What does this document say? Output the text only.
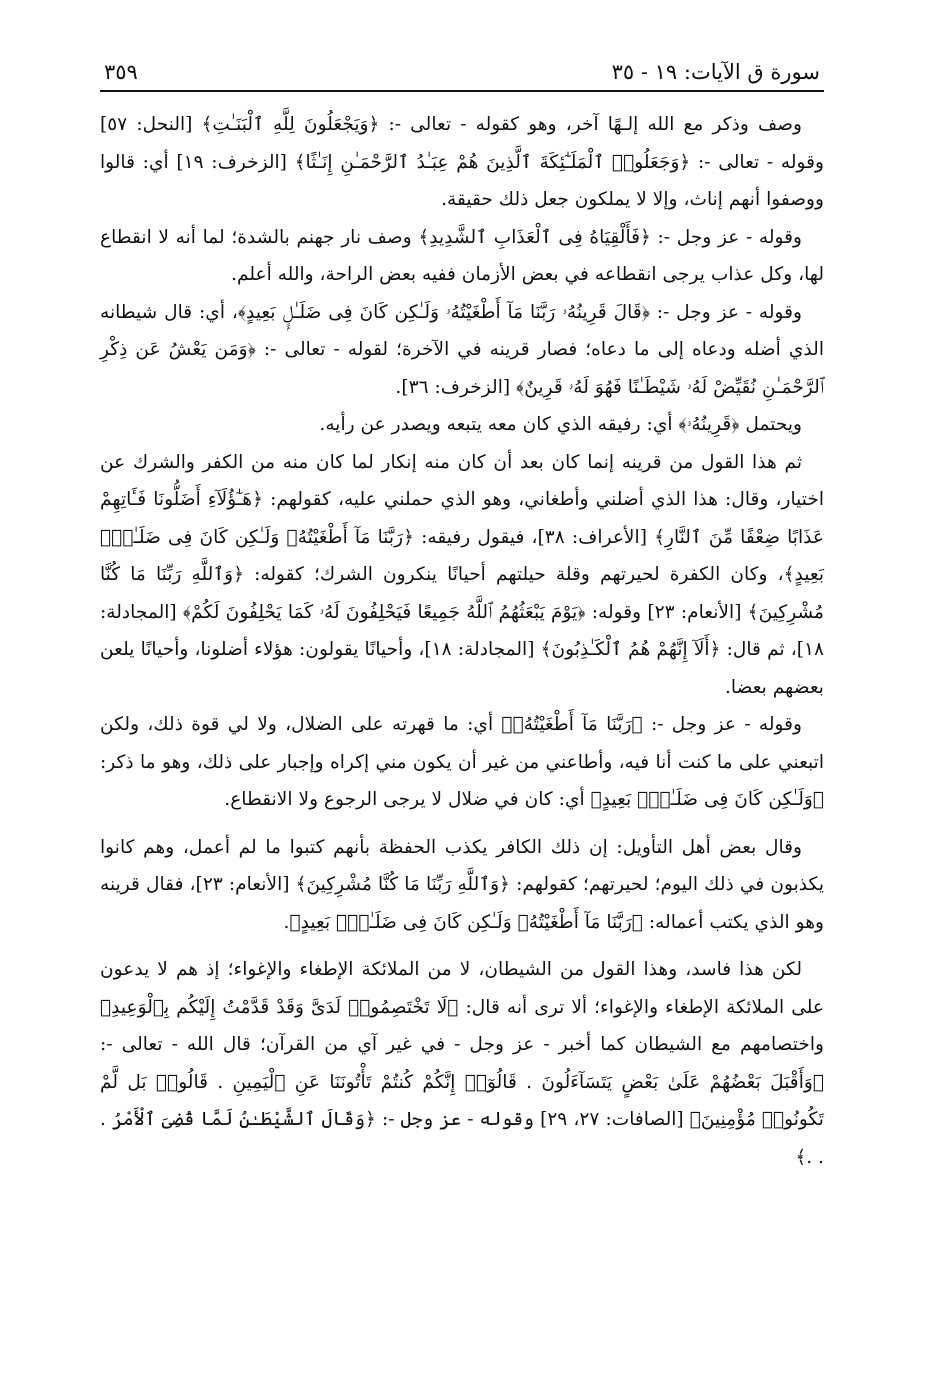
سورة ق الآيات: ١٩ - ٣٥
٣٥٩

وصف وذكر مع الله إلـهًا آخر، وهو كقوله - تعالى -: ﴿وَيَجْعَلُونَ لِلَّهِ ٱلْبَنَـٰتِ﴾ [النحل: ٥٧] وقوله - تعالى -: ﴿وَجَعَلُوا۟ ٱلْمَلَـٰٓئِكَةَ ٱلَّذِينَ هُمْ عِبَـٰدُ ٱلرَّحْمَـٰنِ إِنَـٰثًا﴾ [الزخرف: ١٩] أي: قالوا ووصفوا أنهم إناث، وإلا لا يملكون جعل ذلك حقيقة.

وقوله - عز وجل -: ﴿فَأَلْقِيَاهُ فِى ٱلْعَذَابِ ٱلشَّدِيدِ﴾ وصف نار جهنم بالشدة؛ لما أنه لا انقطاع لها، وكل عذاب يرجى انقطاعه في بعض الأزمان ففيه بعض الراحة، والله أعلم.

وقوله - عز وجل -: ﴿قَالَ قَرِينُهُۥ رَبَّنَا مَآ أَطْغَيْتُهُۥ وَلَـٰكِن كَانَ فِى ضَلَـٰلٍۭ بَعِيدٍ﴾، أي: قال شيطانه الذي أضله ودعاه إلى ما دعاه؛ فصار قرينه في الآخرة؛ لقوله - تعالى -: ﴿وَمَن يَعْشُ عَن ذِكْرِ ٱلرَّحْمَـٰنِ نُقَيِّضْ لَهُۥ شَيْطَـٰنًا فَهُوَ لَهُۥ قَرِينٌ﴾ [الزخرف: ٣٦].

ويحتمل ﴿قَرِينُهُۥ﴾ أي: رفيقه الذي كان معه يتبعه ويصدر عن رأيه.

ثم هذا القول من قرينه إنما كان بعد أن كان منه إنكار لما كان منه من الكفر والشرك عن اختيار، وقال: هذا الذي أضلني وأطغاني، وهو الذي حملني عليه، كقولهم: ﴿هَـٰٓؤُلَآءِ أَضَلُّونَا فَـَٔاتِهِمْ عَذَابًا ضِعْفًا مِّنَ ٱلنَّارِ﴾ [الأعراف: ٣٨]، فيقول رفيقه: ﴿رَبَّنَا مَآ أَطْغَيْتُهُۥ وَلَـٰكِن كَانَ فِى ضَلَـٰلٍۭ بَعِيدٍ﴾، وكان الكفرة لحيرتهم وقلة حيلتهم أحيانًا ينكرون الشرك؛ كقوله: ﴿وَٱللَّهِ رَبِّنَا مَا كُنَّا مُشْرِكِينَ﴾ [الأنعام: ٢٣] وقوله: ﴿يَوْمَ يَبْعَثُهُمُ ٱللَّهُ جَمِيعًا فَيَحْلِفُونَ لَهُۥ كَمَا يَحْلِفُونَ لَكُمْ﴾ [المجادلة: ١٨]، ثم قال: ﴿أَلَآ إِنَّهُمْ هُمُ ٱلْكَـٰذِبُونَ﴾ [المجادلة: ١٨]، وأحيانًا يقولون: هؤلاء أضلونا، وأحيانًا يلعن بعضهم بعضا.

وقوله - عز وجل -: ﴿رَبَّنَا مَآ أَطْغَيْتُهُۥ﴾ أي: ما قهرته على الضلال، ولا لي قوة ذلك، ولكن اتبعني على ما كنت أنا فيه، وأطاعني من غير أن يكون مني إكراه وإجبار على ذلك، وهو ما ذكر: ﴿وَلَـٰكِن كَانَ فِى ضَلَـٰلٍۭ بَعِيدٍ﴾ أي: كان في ضلال لا يرجى الرجوع ولا الانقطاع.

وقال بعض أهل التأويل: إن ذلك الكافر يكذب الحفظة بأنهم كتبوا ما لم أعمل، وهم كانوا يكذبون في ذلك اليوم؛ لحيرتهم؛ كقولهم: ﴿وَٱللَّهِ رَبِّنَا مَا كُنَّا مُشْرِكِينَ﴾ [الأنعام: ٢٣]، فقال قرينه وهو الذي يكتب أعماله: ﴿رَبَّنَا مَآ أَطْغَيْتُهُۥ وَلَـٰكِن كَانَ فِى ضَلَـٰلٍۭ بَعِيدٍ﴾.

لكن هذا فاسد، وهذا القول من الشيطان، لا من الملائكة الإطغاء والإغواء؛ إذ هم لا يدعون على الملائكة الإطغاء والإغواء؛ ألا ترى أنه قال: ﴿لَا تَخْتَصِمُوا۟ لَدَىَّ وَقَدْ قَدَّمْتُ إِلَيْكُم بِٱلْوَعِيدِ﴾ واختصامهم مع الشيطان كما أخبر - عز وجل - في غير آي من القرآن؛ قال الله - تعالى -: ﴿وَأَقْبَلَ بَعْضُهُمْ عَلَىٰ بَعْضٍ يَتَسَآءَلُونَ . قَالُوٓا۟ إِنَّكُمْ كُنتُمْ تَأْتُونَنَا عَنِ ٱلْيَمِينِ . قَالُوا۟ بَل لَّمْ تَكُونُوا۟ مُؤْمِنِينَ﴾ [الصافات: ٢٧، ٢٩] وقوله - عز وجل -: ﴿وَقَالَ ٱلشَّيْطَـٰنُ لَمَّا قُضِىَ ٱلْأَمْرُ . . .﴾
